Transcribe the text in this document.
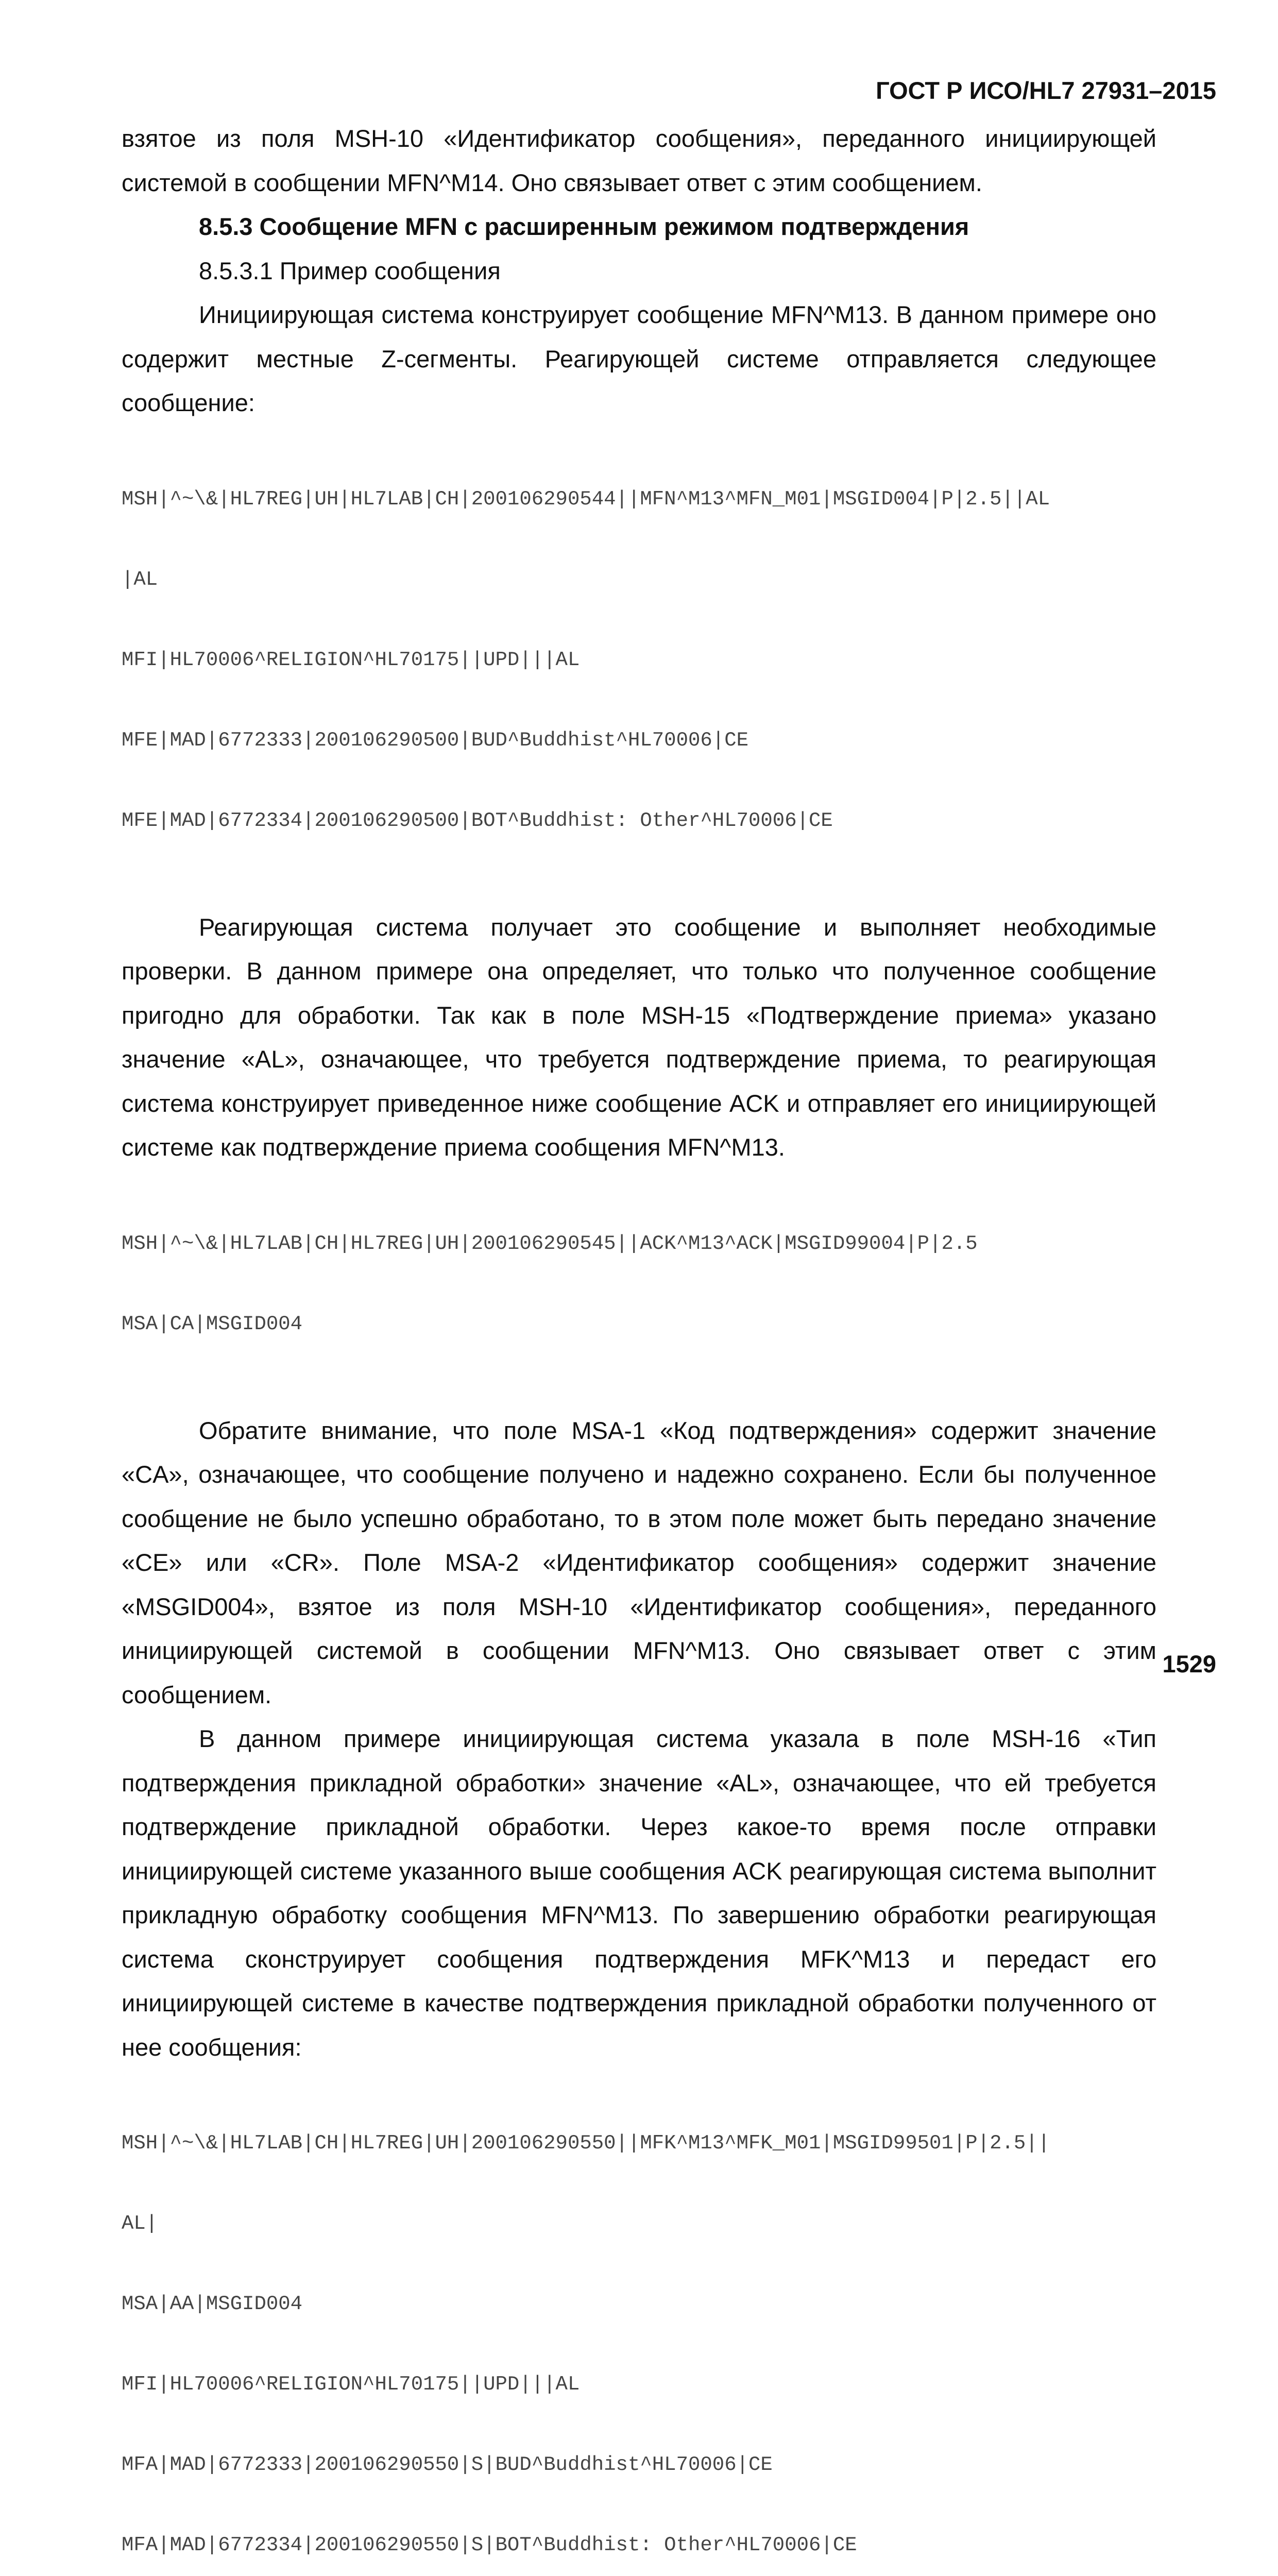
ГОСТ Р ИСО/HL7 27931–2015

взятое из поля MSH-10 «Идентификатор сообщения», переданного инициирующей системой в сообщении MFN^M14. Оно связывает ответ с этим сообщением.

8.5.3 Сообщение MFN с расширенным режимом подтверждения

8.5.3.1 Пример сообщения

Инициирующая система конструирует сообщение MFN^M13. В данном примере оно содержит местные Z-сегменты. Реагирующей системе отправляется следующее сообщение:

MSH|^~\&|HL7REG|UH|HL7LAB|CH|200106290544||MFN^M13^MFN_M01|MSGID004|P|2.5||AL

|AL

MFI|HL70006^RELIGION^HL70175||UPD|||AL

MFE|MAD|6772333|200106290500|BUD^Buddhist^HL70006|CE

MFE|MAD|6772334|200106290500|BOT^Buddhist: Other^HL70006|CE

Реагирующая система получает это сообщение и выполняет необходимые проверки. В данном примере она определяет, что только что полученное сообщение пригодно для обработки. Так как в поле MSH-15 «Подтверждение приема» указано значение «AL», означающее, что требуется подтверждение приема, то реагирующая система конструирует приведенное ниже сообщение ACK и отправляет его инициирующей системе как подтверждение приема сообщения MFN^M13.

MSH|^~\&|HL7LAB|CH|HL7REG|UH|200106290545||ACK^M13^ACK|MSGID99004|P|2.5

MSA|CA|MSGID004

Обратите внимание, что поле MSA-1 «Код подтверждения» содержит значение «CA», означающее, что сообщение получено и надежно сохранено. Если бы полученное сообщение не было успешно обработано, то в этом поле может быть передано значение «CE» или «CR». Поле MSA-2 «Идентификатор сообщения» содержит значение «MSGID004», взятое из поля MSH-10 «Идентификатор сообщения», переданного инициирующей системой в сообщении MFN^M13. Оно связывает ответ с этим сообщением.

В данном примере инициирующая система указала в поле MSH-16 «Тип подтверждения прикладной обработки» значение «AL», означающее, что ей требуется подтверждение прикладной обработки. Через какое-то время после отправки инициирующей системе указанного выше сообщения ACK реагирующая система выполнит прикладную обработку сообщения MFN^M13. По завершению обработки реагирующая система сконструирует сообщения подтверждения MFK^M13 и передаст его инициирующей системе в качестве подтверждения прикладной обработки полученного от нее сообщения:

MSH|^~\&|HL7LAB|CH|HL7REG|UH|200106290550||MFK^M13^MFK_M01|MSGID99501|P|2.5||

AL|

MSA|AA|MSGID004

MFI|HL70006^RELIGION^HL70175||UPD|||AL

MFA|MAD|6772333|200106290550|S|BUD^Buddhist^HL70006|CE

MFA|MAD|6772334|200106290550|S|BOT^Buddhist: Other^HL70006|CE

1529
